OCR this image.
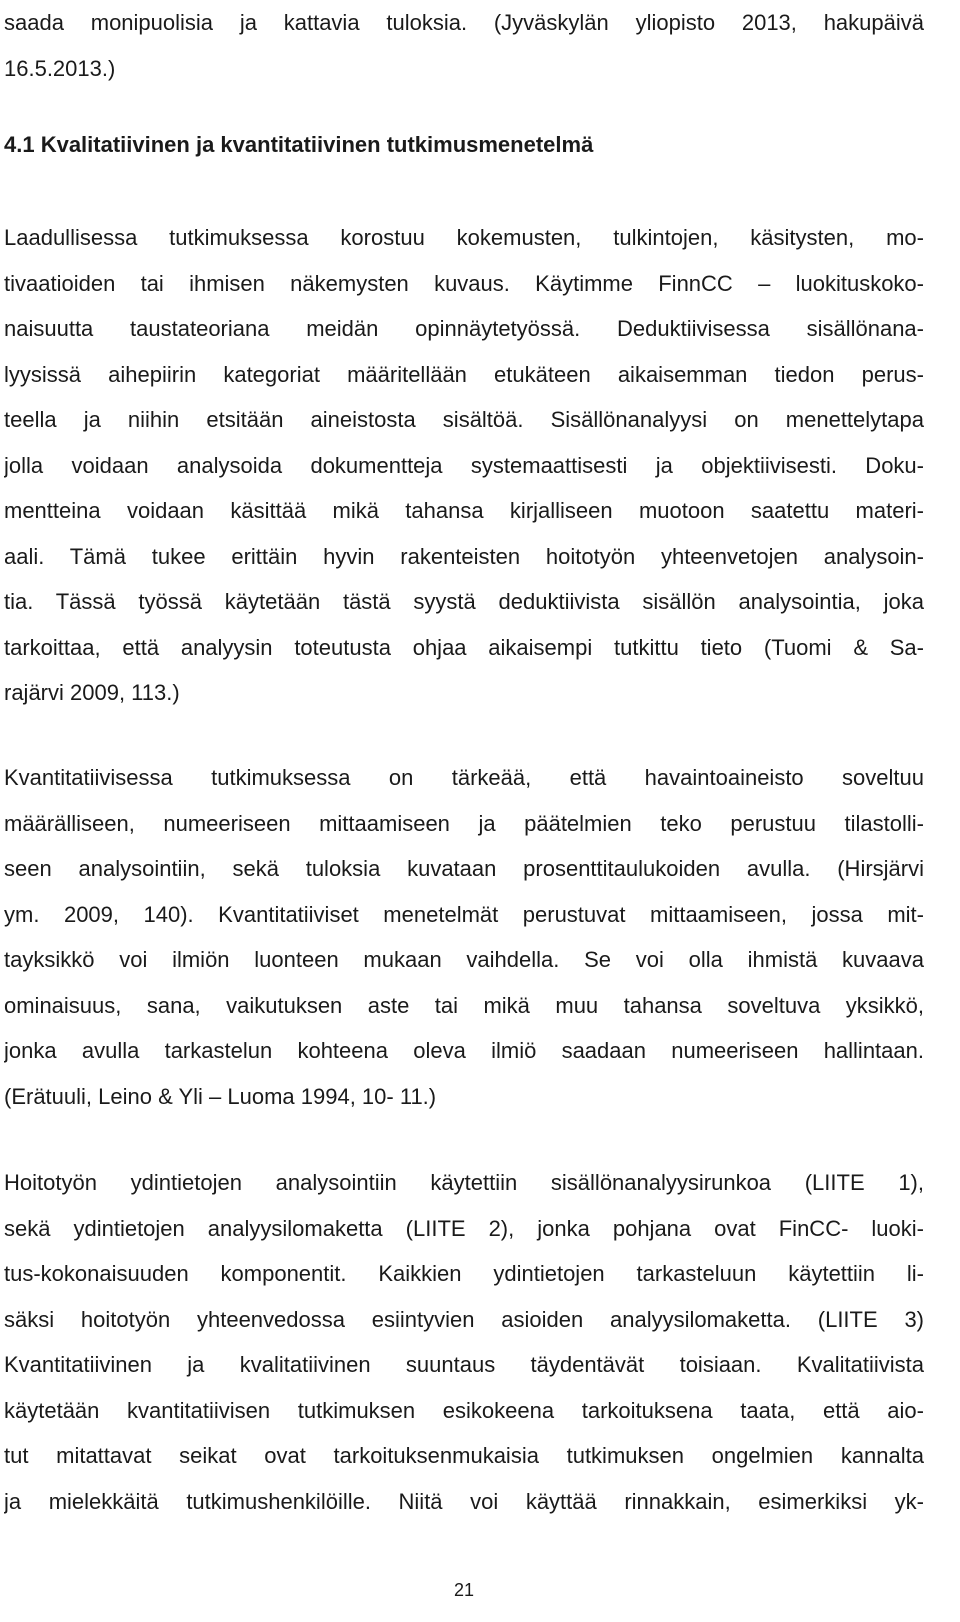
saada monipuolisia ja kattavia tuloksia. (Jyväskylän yliopisto 2013, hakupäivä
16.5.2013.)
4.1 Kvalitatiivinen ja kvantitatiivinen tutkimusmenetelmä
Laadullisessa tutkimuksessa korostuu kokemusten, tulkintojen, käsitysten, mo-
tivaatioiden tai ihmisen näkemysten kuvaus. Käytimme FinnCC – luokituskoko-
naisuutta taustateoriana meidän opinnäytetyössä. Deduktiivisessa sisällönana-
lyysissä aihepiirin kategoriat määritellään etukäteen aikaisemman tiedon perus-
teella ja niihin etsitään aineistosta sisältöä. Sisällönanalyysi on menettelytapa
jolla voidaan analysoida dokumentteja systemaattisesti ja objektiivisesti. Doku-
mentteina voidaan käsittää mikä tahansa kirjalliseen muotoon saatettu materi-
aali. Tämä tukee erittäin hyvin rakenteisten hoitotyön yhteenvetojen analysoin-
tia. Tässä työssä käytetään tästä syystä deduktiivista sisällön analysointia, joka
tarkoittaa, että analyysin toteutusta ohjaa aikaisempi tutkittu tieto (Tuomi & Sa-
rajärvi 2009, 113.)
Kvantitatiivisessa tutkimuksessa on tärkeää, että havaintoaineisto soveltuu
määrälliseen, numeeriseen mittaamiseen ja päätelmien teko perustuu tilastolli-
seen analysointiin, sekä tuloksia kuvataan prosenttitaulukoiden avulla. (Hirsjärvi
ym. 2009, 140). Kvantitatiiviset menetelmät perustuvat mittaamiseen, jossa mit-
tayksikkö voi ilmiön luonteen mukaan vaihdella. Se voi olla ihmistä kuvaava
ominaisuus, sana, vaikutuksen aste tai mikä muu tahansa soveltuva yksikkö,
jonka avulla tarkastelun kohteena oleva ilmiö saadaan numeeriseen hallintaan.
(Erätuuli, Leino & Yli – Luoma 1994, 10- 11.)
Hoitotyön ydintietojen analysointiin käytettiin sisällönanalyysirunkoa (LIITE 1),
sekä ydintietojen analyysilomaketta (LIITE 2), jonka pohjana ovat FinCC- luoki-
tus-kokonaisuuden komponentit. Kaikkien ydintietojen tarkasteluun käytettiin li-
säksi hoitotyön yhteenvedossa esiintyvien asioiden analyysilomaketta. (LIITE 3)
Kvantitatiivinen ja kvalitatiivinen suuntaus täydentävät toisiaan. Kvalitatiivista
käytetään kvantitatiivisen tutkimuksen esikokeena tarkoituksena taata, että aio-
tut mitattavat seikat ovat tarkoituksenmukaisia tutkimuksen ongelmien kannalta
ja mielekkäitä tutkimushenkilöille. Niitä voi käyttää rinnakkain, esimerkiksi yk-
21
